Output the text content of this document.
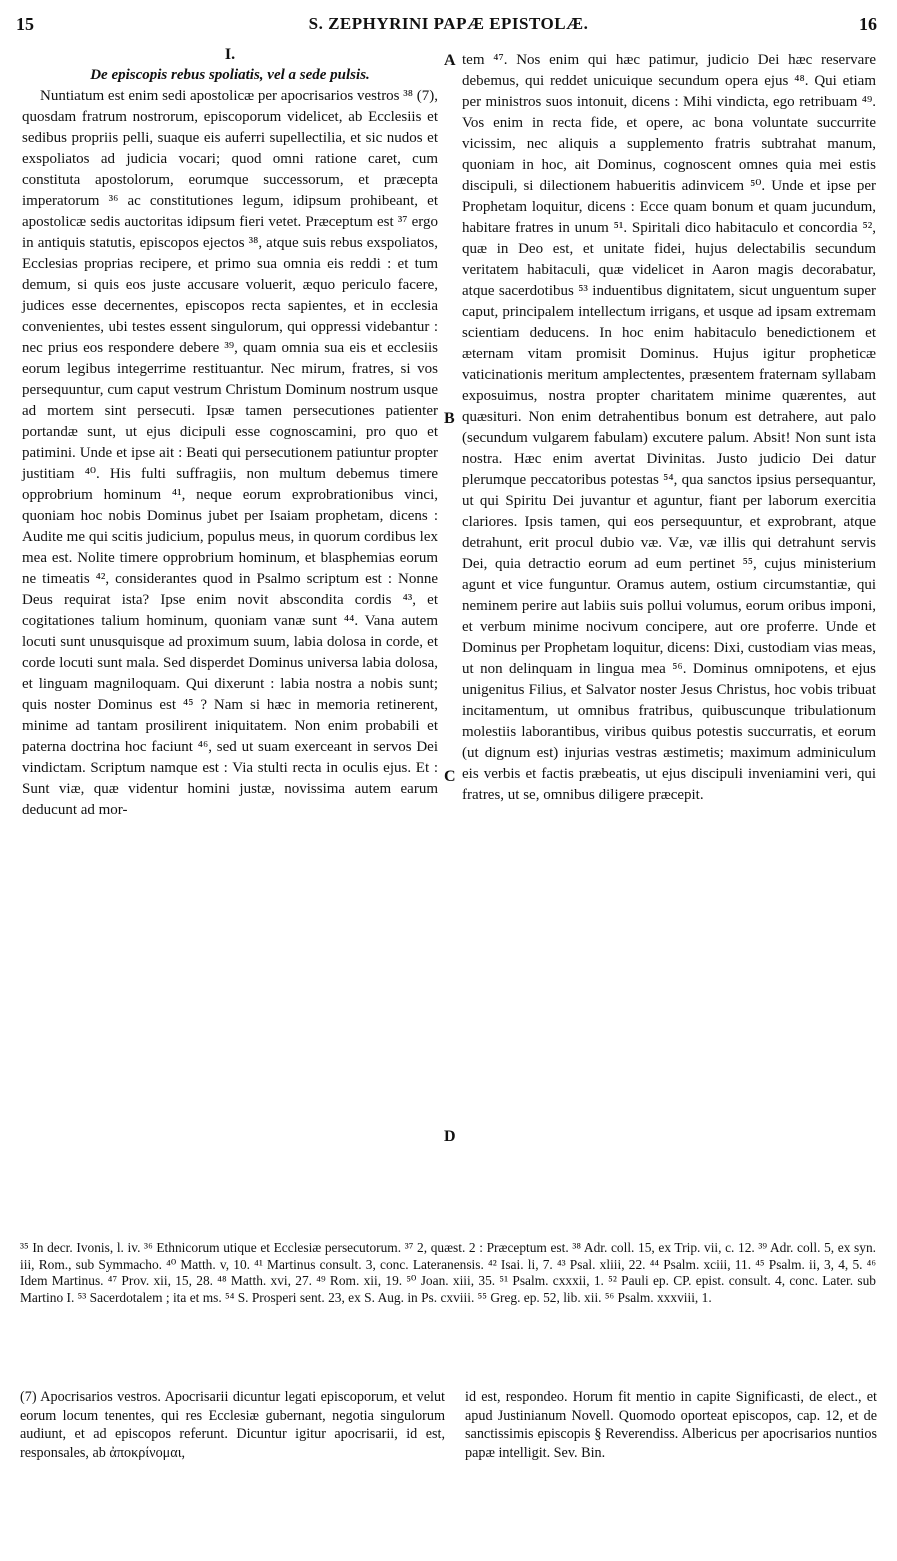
15	S. ZEPHYRINI PAPÆ EPISTOLÆ.	16

I.

De episcopis rebus spoliatis, vel a sede pulsis.

Nuntiatum est enim sedi apostolicæ per apocrisarios vestros ³⁸ (7), quosdam fratrum nostrorum, episcoporum videlicet, ab Ecclesiis et sedibus propriis pelli, suaque eis auferri supellectilia, et sic nudos et exspoliatos ad judicia vocari; quod omni ratione caret, cum constituta apostolorum, eorumque successorum, et præcepta imperatorum ³⁶ ac constitutiones legum, idipsum prohibeant, et apostolicæ sedis auctoritas idipsum fieri vetet. Præceptum est ³⁷ ergo in antiquis statutis, episcopos ejectos ³⁸, atque suis rebus exspoliatos, Ecclesias proprias recipere, et primo sua omnia eis reddi : et tum demum, si quis eos juste accusare voluerit, æquo periculo facere, judices esse decernentes, episcopos recta sapientes, et in ecclesia convenientes, ubi testes essent singulorum, qui oppressi videbantur : nec prius eos respondere debere ³⁹, quam omnia sua eis et ecclesiis eorum legibus integerrime restituantur. Nec mirum, fratres, si vos persequuntur, cum caput vestrum Christum Dominum nostrum usque ad mortem sint persecuti. Ipsæ tamen persecutiones patienter portandæ sunt, ut ejus dicipuli esse cognoscamini, pro quo et patimini. Unde et ipse ait : Beati qui persecutionem patiuntur propter justitiam ⁴⁰. His fulti suffragiis, non multum debemus timere opprobrium hominum ⁴¹, neque eorum exprobrationibus vinci, quoniam hoc nobis Dominus jubet per Isaiam prophetam, dicens : Audite me qui scitis judicium, populus meus, in quorum cordibus lex mea est. Nolite timere opprobrium hominum, et blasphemias eorum ne timeatis ⁴², considerantes quod in Psalmo scriptum est : Nonne Deus requirat ista? Ipse enim novit abscondita cordis ⁴³, et cogitationes talium hominum, quoniam vanæ sunt ⁴⁴. Vana autem locuti sunt unusquisque ad proximum suum, labia dolosa in corde, et corde locuti sunt mala. Sed disperdet Dominus universa labia dolosa, et linguam magniloquam. Qui dixerunt : labia nostra a nobis sunt; quis noster Dominus est ⁴⁵ ? Nam si hæc in memoria retinerent, minime ad tantam prosilirent iniquitatem. Non enim probabili et paterna doctrina hoc faciunt ⁴⁶, sed ut suam exerceant in servos Dei vindictam. Scriptum namque est : Via stulti recta in oculis ejus. Et : Sunt viæ, quæ videntur homini justæ, novissima autem earum deducunt ad mor-

A
B
C
D

tem ⁴⁷. Nos enim qui hæc patimur, judicio Dei hæc reservare debemus, qui reddet unicuique secundum opera ejus ⁴⁸. Qui etiam per ministros suos intonuit, dicens : Mihi vindicta, ego retribuam ⁴⁹. Vos enim in recta fide, et opere, ac bona voluntate succurrite vicissim, nec aliquis a supplemento fratris subtrahat manum, quoniam in hoc, ait Dominus, cognoscent omnes quia mei estis discipuli, si dilectionem habueritis adinvicem ⁵⁰. Unde et ipse per Prophetam loquitur, dicens : Ecce quam bonum et quam jucundum, habitare fratres in unum ⁵¹. Spiritali dico habitaculo et concordia ⁵², quæ in Deo est, et unitate fidei, hujus delectabilis secundum veritatem habitaculi, quæ videlicet in Aaron magis decorabatur, atque sacerdotibus ⁵³ induentibus dignitatem, sicut unguentum super caput, principalem intellectum irrigans, et usque ad ipsam extremam scientiam deducens. In hoc enim habitaculo benedictionem et æternam vitam promisit Dominus. Hujus igitur propheticæ vaticinationis meritum amplectentes, præsentem fraternam syllabam exposuimus, nostra propter charitatem minime quærentes, aut quæsituri. Non enim detrahentibus bonum est detrahere, aut palo (secundum vulgarem fabulam) excutere palum. Absit! Non sunt ista nostra. Hæc enim avertat Divinitas. Justo judicio Dei datur plerumque peccatoribus potestas ⁵⁴, qua sanctos ipsius persequantur, ut qui Spiritu Dei juvantur et aguntur, fiant per laborum exercitia clariores. Ipsis tamen, qui eos persequuntur, et exprobrant, atque detrahunt, erit procul dubio væ. Væ, væ illis qui detrahunt servis Dei, quia detractio eorum ad eum pertinet ⁵⁵, cujus ministerium agunt et vice funguntur. Oramus autem, ostium circumstantiæ, qui neminem perire aut labiis suis pollui volumus, eorum oribus imponi, et verbum minime nocivum concipere, aut ore proferre. Unde et Dominus per Prophetam loquitur, dicens: Dixi, custodiam vias meas, ut non delinquam in lingua mea ⁵⁶. Dominus omnipotens, et ejus unigenitus Filius, et Salvator noster Jesus Christus, hoc vobis tribuat incitamentum, ut omnibus fratribus, quibuscunque tribulationum molestiis laborantibus, viribus quibus potestis succurratis, et eorum (ut dignum est) injurias vestras æstimetis; maximum adminiculum eis verbis et factis præbeatis, ut ejus discipuli inveniamini veri, qui fratres, ut se, omnibus diligere præcepit.

³⁵ In decr. Ivonis, l. iv. ³⁶ Ethnicorum utique et Ecclesiæ persecutorum. ³⁷ 2, quæst. 2 : Præceptum est. ³⁸ Adr. coll. 15, ex Trip. vii, c. 12. ³⁹ Adr. coll. 5, ex syn. iii, Rom., sub Symmacho. ⁴⁰ Matth. v, 10. ⁴¹ Martinus consult. 3, conc. Lateranensis. ⁴² Isai. li, 7. ⁴³ Psal. xliii, 22. ⁴⁴ Psalm. xciii, 11. ⁴⁵ Psalm. ii, 3, 4, 5. ⁴⁶ Idem Martinus. ⁴⁷ Prov. xii, 15, 28. ⁴⁸ Matth. xvi, 27. ⁴⁹ Rom. xii, 19. ⁵⁰ Joan. xiii, 35. ⁵¹ Psalm. cxxxii, 1. ⁵² Pauli ep. CP. epist. consult. 4, conc. Later. sub Martino I. ⁵³ Sacerdotalem ; ita et ms. ⁵⁴ S. Prosperi sent. 23, ex S. Aug. in Ps. cxviii. ⁵⁵ Greg. ep. 52, lib. xii. ⁵⁶ Psalm. xxxviii, 1.

(7) Apocrisarios vestros. Apocrisarii dicuntur legati episcoporum, et velut eorum locum tenentes, qui res Ecclesiæ gubernant, negotia singulorum audiunt, et ad episcopos referunt. Dicuntur igitur apocrisarii, id est, responsales, ab ἀποκρίνομαι,

id est, respondeo. Horum fit mentio in capite Significasti, de elect., et apud Justinianum Novell. Quomodo oporteat episcopos, cap. 12, et de sanctissimis episcopis § Reverendiss. Albericus per apocrisarios nuntios papæ intelligit. Sev. Bin.
